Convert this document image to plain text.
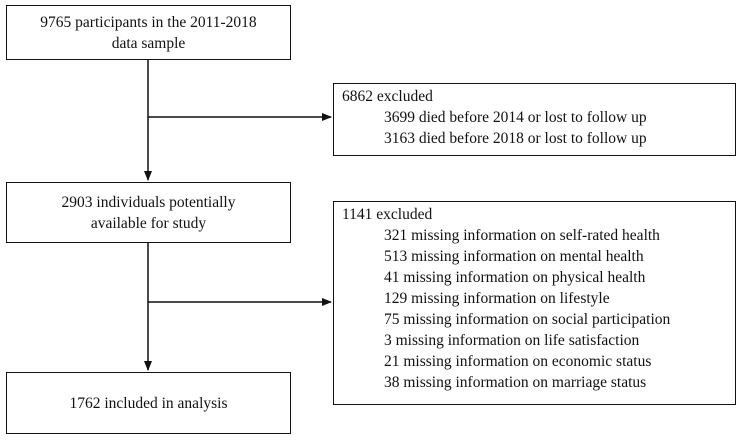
9765 participants in the 2011-2018
data sample
6862 excluded
3699 died before 2014 or lost to follow up
3163 died before 2018 or lost to follow up
2903 individuals potentially
available for study	1141 excluded
321 missing information on self-rated health
513 missing information on mental health
41 missing information on physical health
129 missing information on lifestyle
75 missing information on social participation
3 missing information on life satisfaction
21 missing information on economic status
38 missing information on marriage status
1762 included in analysis
